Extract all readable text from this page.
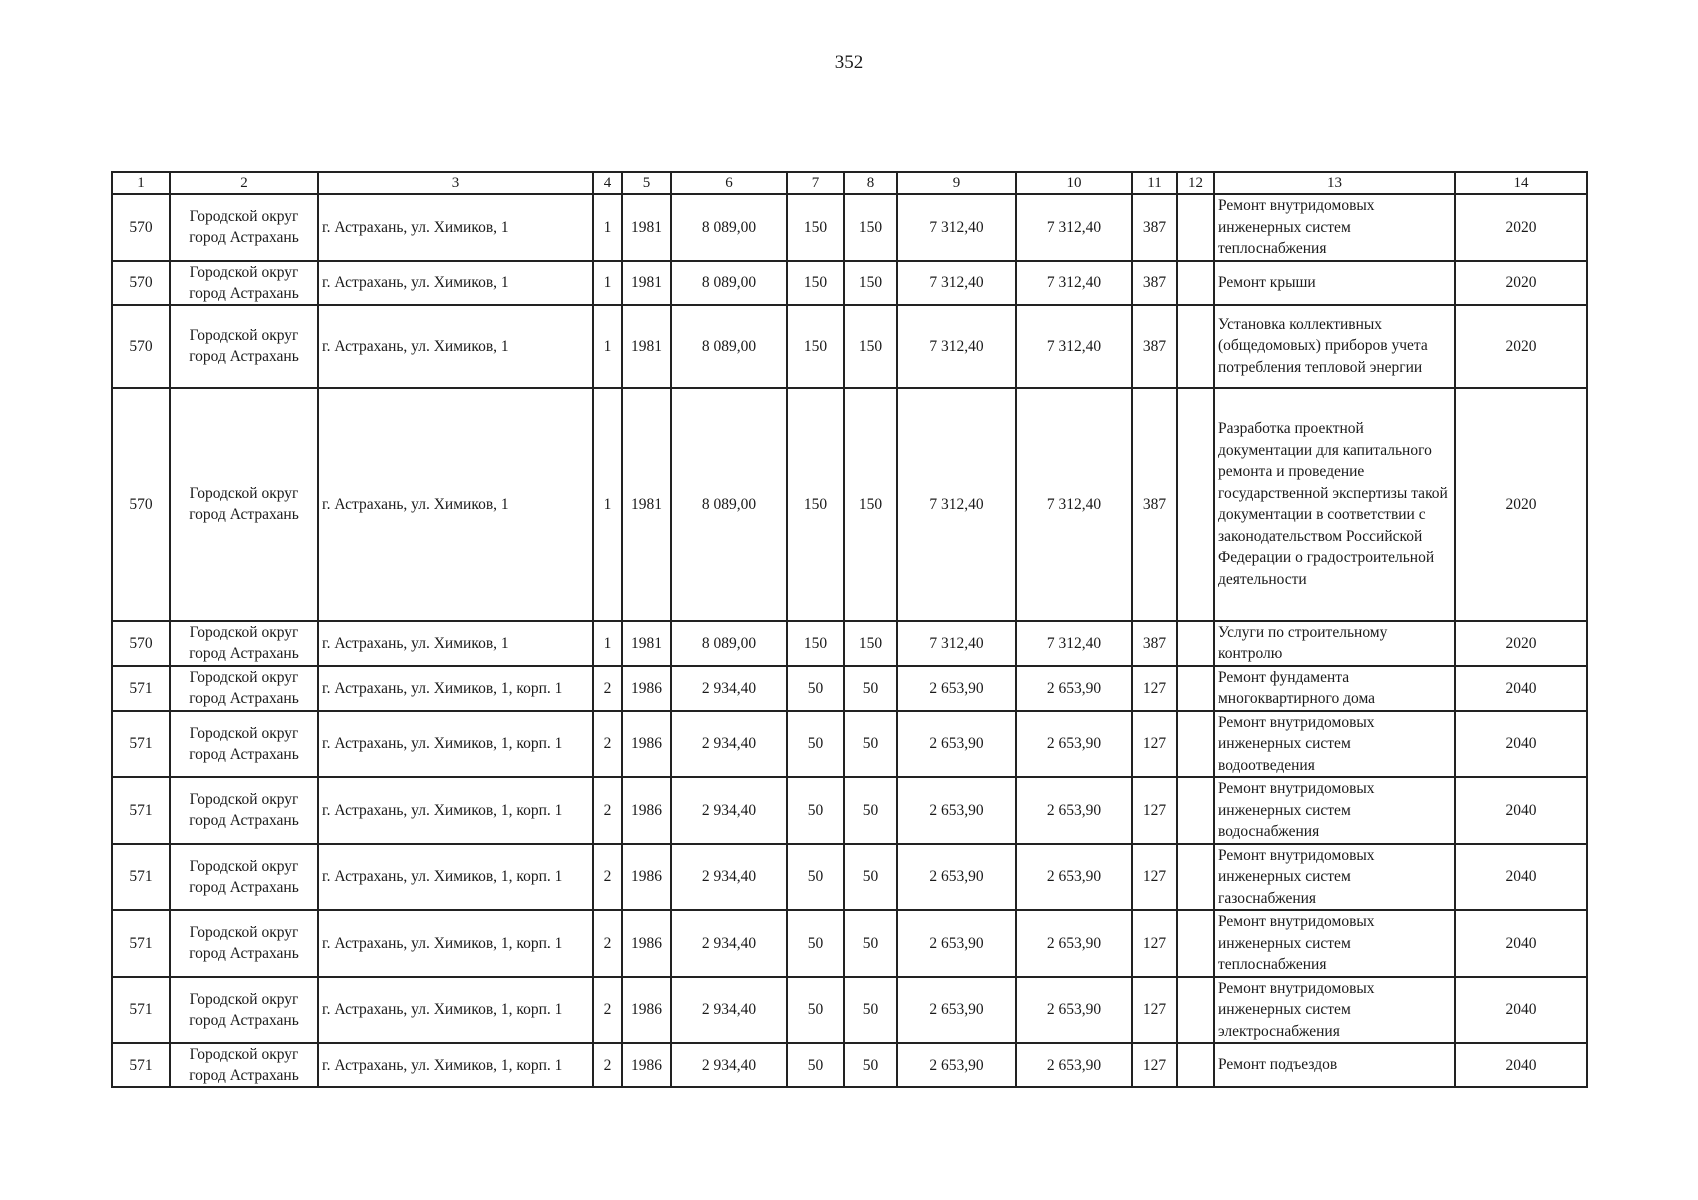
352
1	2	3	4	5	6	7	8	9	10	11	12	13	14
570	Городской округ город Астрахань	г. Астрахань, ул. Химиков, 1	1	1981	8 089,00	150	150	7 312,40	7 312,40	387		Ремонт внутридомовых инженерных систем теплоснабжения	2020
570	Городской округ город Астрахань	г. Астрахань, ул. Химиков, 1	1	1981	8 089,00	150	150	7 312,40	7 312,40	387		Ремонт крыши	2020
570	Городской округ город Астрахань	г. Астрахань, ул. Химиков, 1	1	1981	8 089,00	150	150	7 312,40	7 312,40	387		Установка коллективных (общедомовых) приборов учета потребления тепловой энергии	2020
570	Городской округ город Астрахань	г. Астрахань, ул. Химиков, 1	1	1981	8 089,00	150	150	7 312,40	7 312,40	387		Разработка проектной документации для капитального ремонта и проведение государственной экспертизы такой документации в соответствии с законодательством Российской Федерации о градостроительной деятельности	2020
570	Городской округ город Астрахань	г. Астрахань, ул. Химиков, 1	1	1981	8 089,00	150	150	7 312,40	7 312,40	387		Услуги по строительному контролю	2020
571	Городской округ город Астрахань	г. Астрахань, ул. Химиков, 1, корп. 1	2	1986	2 934,40	50	50	2 653,90	2 653,90	127		Ремонт фундамента многоквартирного дома	2040
571	Городской округ город Астрахань	г. Астрахань, ул. Химиков, 1, корп. 1	2	1986	2 934,40	50	50	2 653,90	2 653,90	127		Ремонт внутридомовых инженерных систем водоотведения	2040
571	Городской округ город Астрахань	г. Астрахань, ул. Химиков, 1, корп. 1	2	1986	2 934,40	50	50	2 653,90	2 653,90	127		Ремонт внутридомовых инженерных систем водоснабжения	2040
571	Городской округ город Астрахань	г. Астрахань, ул. Химиков, 1, корп. 1	2	1986	2 934,40	50	50	2 653,90	2 653,90	127		Ремонт внутридомовых инженерных систем газоснабжения	2040
571	Городской округ город Астрахань	г. Астрахань, ул. Химиков, 1, корп. 1	2	1986	2 934,40	50	50	2 653,90	2 653,90	127		Ремонт внутридомовых инженерных систем теплоснабжения	2040
571	Городской округ город Астрахань	г. Астрахань, ул. Химиков, 1, корп. 1	2	1986	2 934,40	50	50	2 653,90	2 653,90	127		Ремонт внутридомовых инженерных систем электроснабжения	2040
571	Городской округ город Астрахань	г. Астрахань, ул. Химиков, 1, корп. 1	2	1986	2 934,40	50	50	2 653,90	2 653,90	127		Ремонт подъездов	2040
